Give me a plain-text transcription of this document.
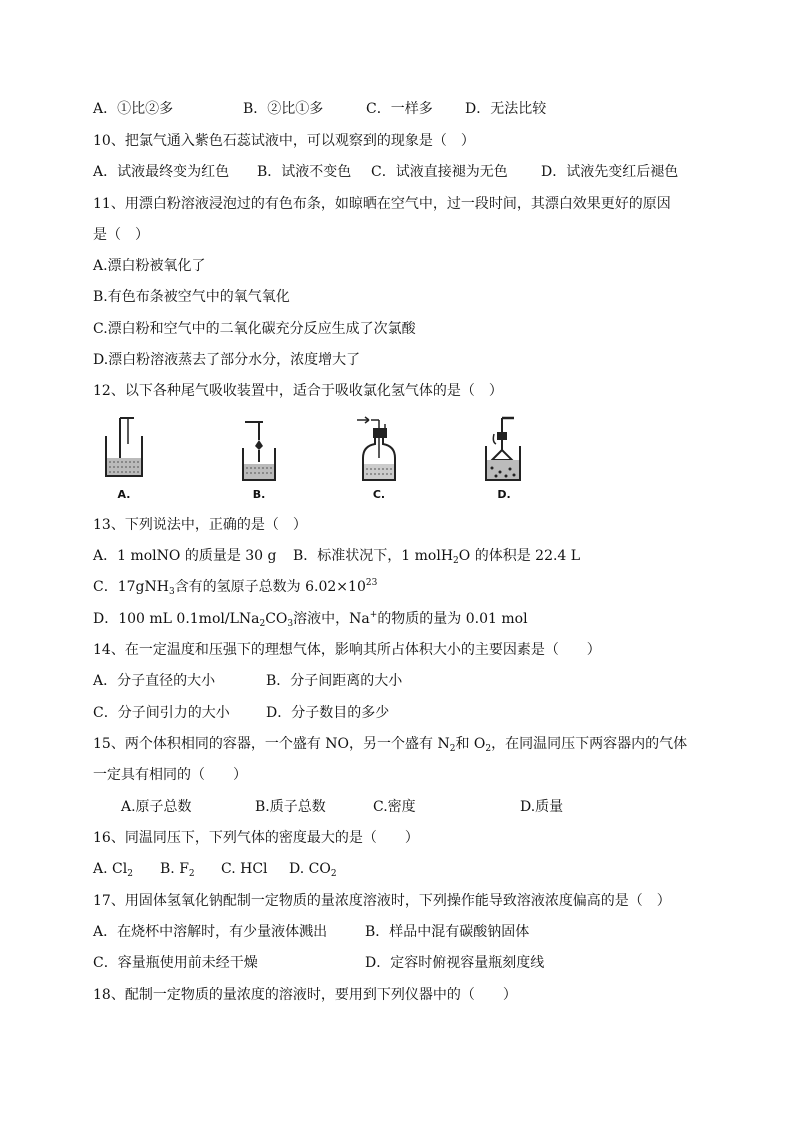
A．①比②多	B．②比①多	C．一样多 D．无法比较
10、把氯气通入紫色石蕊试液中，可以观察到的现象是（　）
A．试液最终变为红色 B．试液不变色 C．试液直接褪为无色 D．试液先变红后褪色
11、用漂白粉溶液浸泡过的有色布条，如晾晒在空气中，过一段时间，其漂白效果更好的原因
是（　）
A.漂白粉被氧化了
B.有色布条被空气中的氧气氧化
C.漂白粉和空气中的二氧化碳充分反应生成了次氯酸
D.漂白粉溶液蒸去了部分水分，浓度增大了
12、以下各种尾气吸收装置中，适合于吸收氯化氢气体的是（　）
A.	B.	C.	D.
13、下列说法中，正确的是（　）
A．1 molNO 的质量是 30 g B．标准状况下，1 molH$_2$O 的体积是 22.4 L
C．17gNH$_3$含有的氢原子总数为 $6.02\times 10^{23}$
D．100 mL $0.1mol/LNa_2CO_3$溶液中，Na+的物质的量为 0.01 mol
14、在一定温度和压强下的理想气体，影响其所占体积大小的主要因素是（　　）
A．分子直径的大小	B．分子间距离的大小
C．分子间引力的大小	D．分子数目的多少
15、两个体积相同的容器，一个盛有 NO，另一个盛有 $N_2$和 $O_2$，在同温同压下两容器内的气体
一定具有相同的（　　）
A.原子总数	B.质子总数	C.密度	D.质量
16、同温同压下，下列气体的密度最大的是（　　）
A. $Cl_2$ B. $F_2$ C. HCl D. $CO_2$
17、用固体氢氧化钠配制一定物质的量浓度溶液时，下列操作能导致溶液浓度偏高的是（　）
A．在烧杯中溶解时，有少量液体溅出	B．样品中混有碳酸钠固体
C．容量瓶使用前未经干燥	D．定容时俯视容量瓶刻度线
18、配制一定物质的量浓度的溶液时，要用到下列仪器中的（　　）
